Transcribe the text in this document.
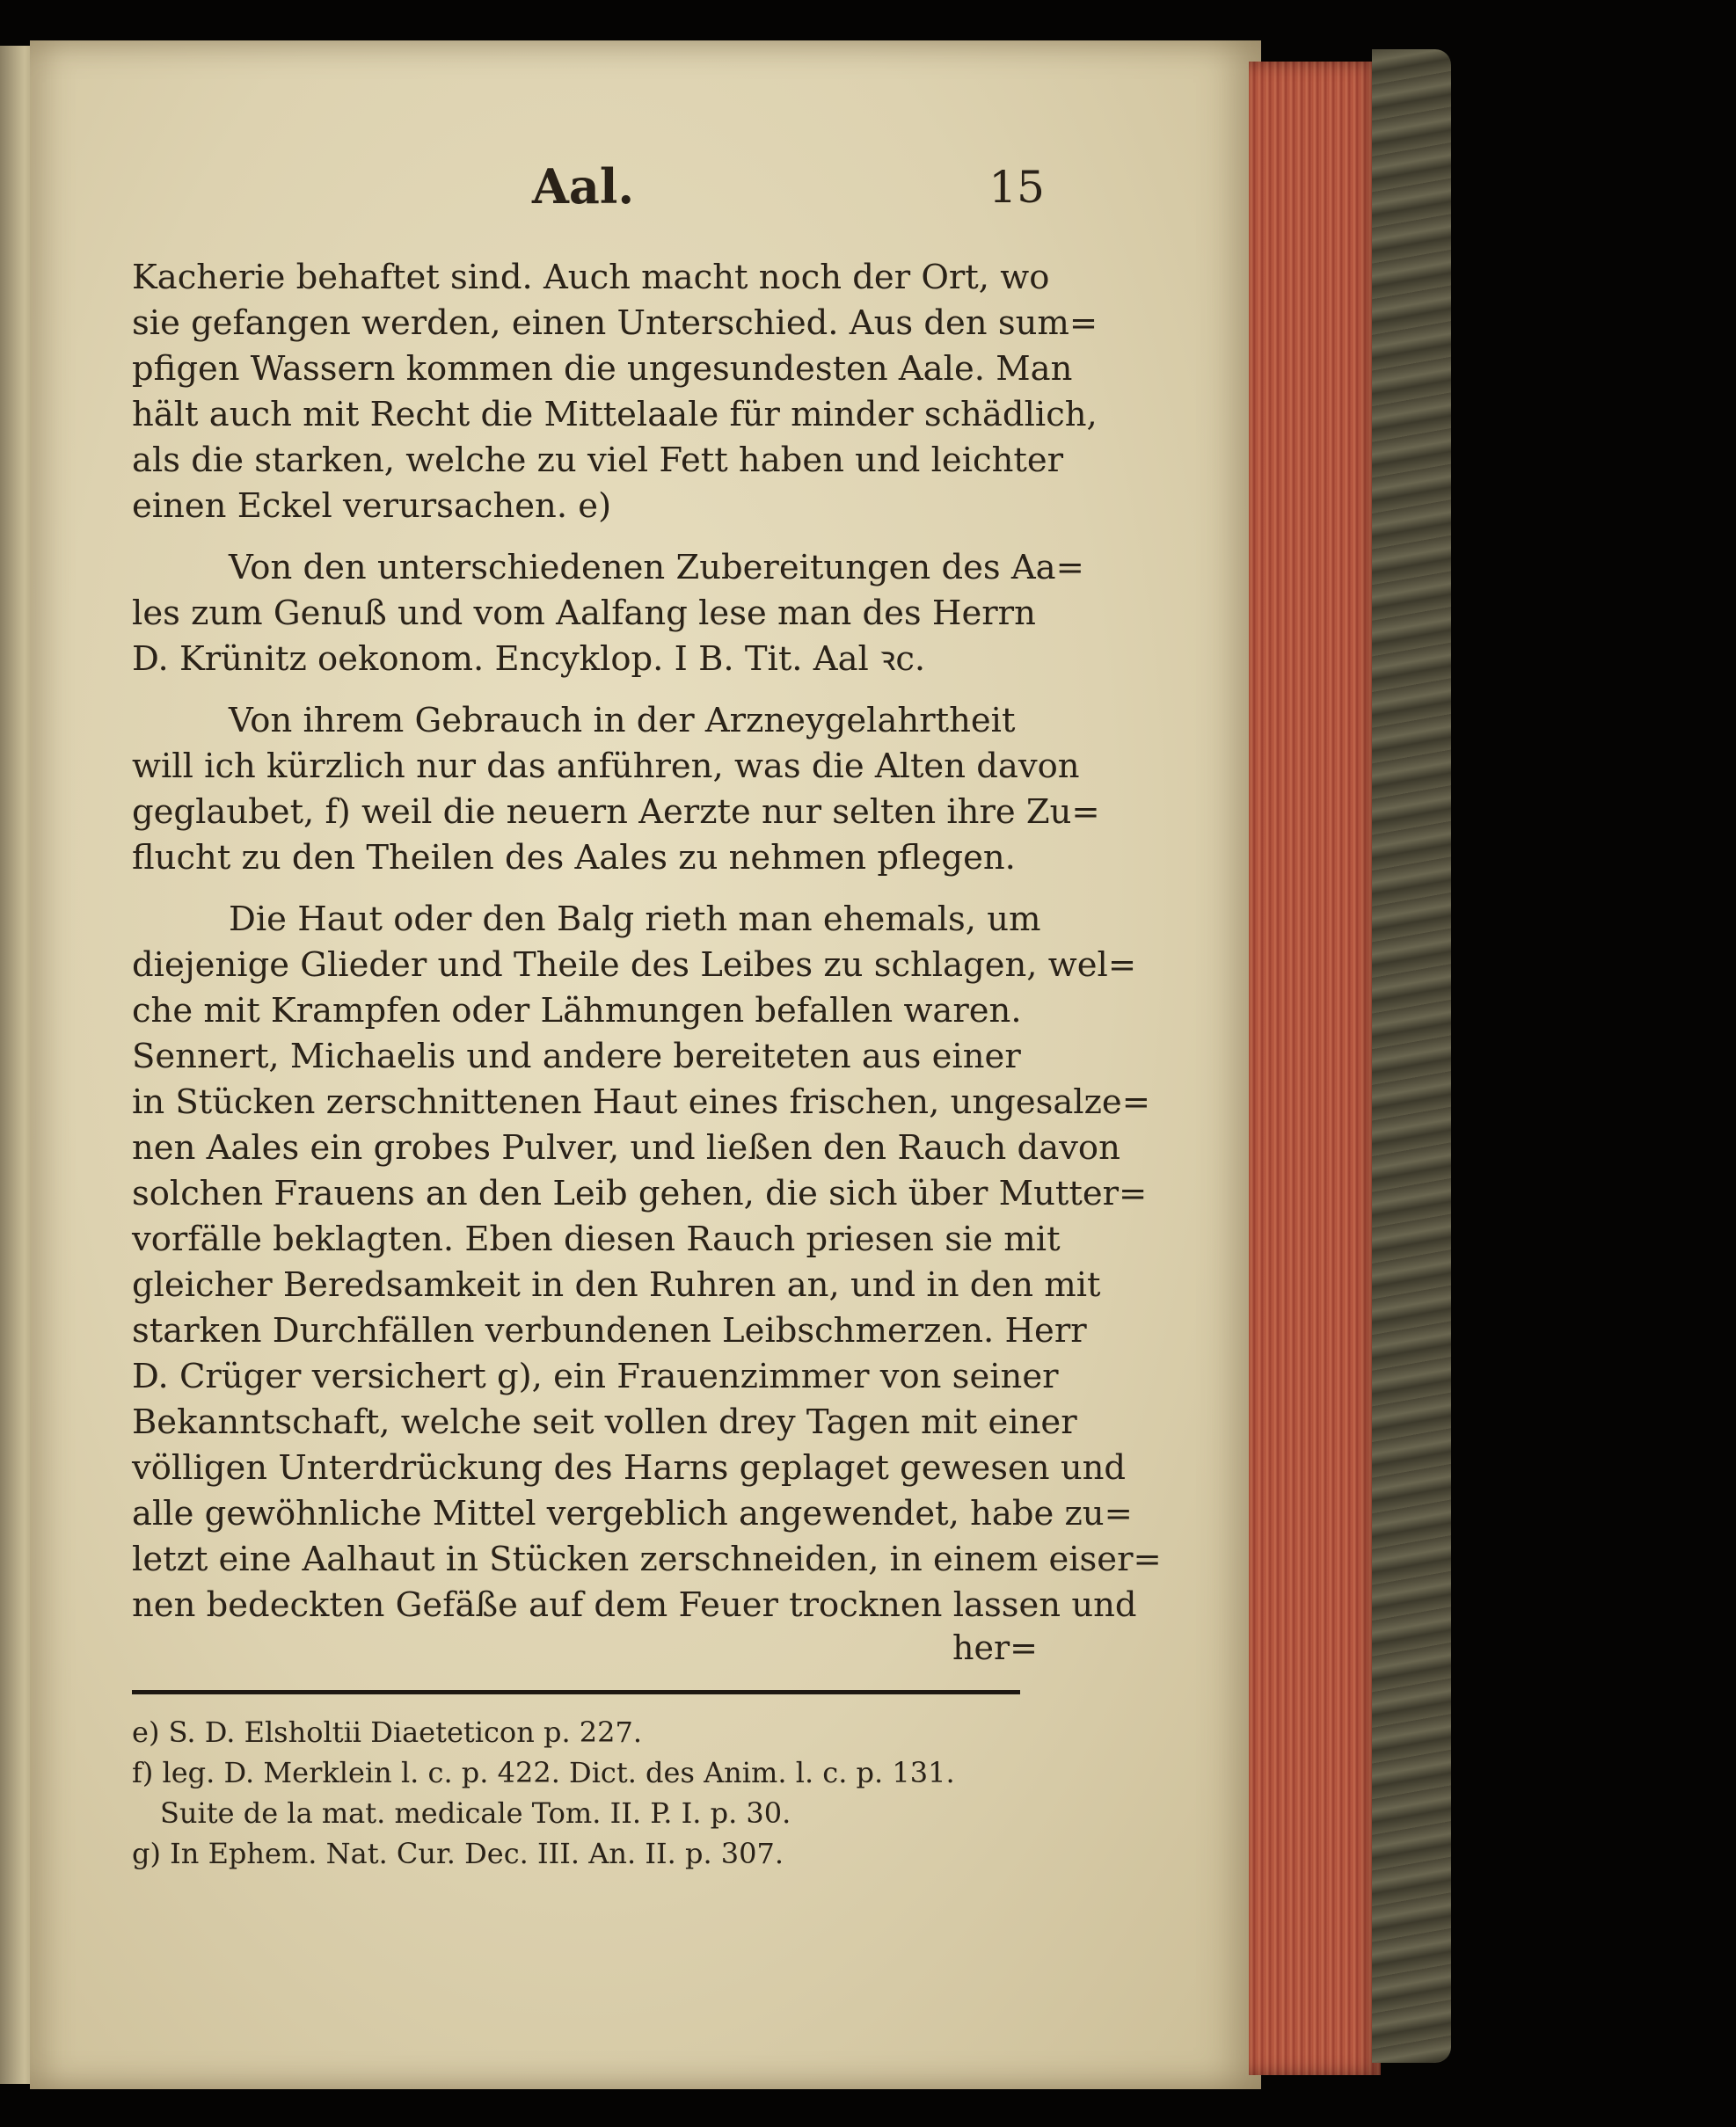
Aal.	15

Kacherie behaftet sind. Auch macht noch der Ort, wo
sie gefangen werden, einen Unterschied. Aus den sum=
pfigen Wassern kommen die ungesundesten Aale. Man
hält auch mit Recht die Mittelaale für minder schädlich,
als die starken, welche zu viel Fett haben und leichter
einen Eckel verursachen. e)

Von den unterschiedenen Zubereitungen des Aa=
les zum Genuß und vom Aalfang lese man des Herrn
D. Krünitz oekonom. Encyklop. I B. Tit. Aal ꝛc.

Von ihrem Gebrauch in der Arzneygelahrtheit
will ich kürzlich nur das anführen, was die Alten davon
geglaubet, f) weil die neuern Aerzte nur selten ihre Zu=
flucht zu den Theilen des Aales zu nehmen pflegen.

Die Haut oder den Balg rieth man ehemals, um
diejenige Glieder und Theile des Leibes zu schlagen, wel=
che mit Krampfen oder Lähmungen befallen waren.
Sennert, Michaelis und andere bereiteten aus einer
in Stücken zerschnittenen Haut eines frischen, ungesalze=
nen Aales ein grobes Pulver, und ließen den Rauch davon
solchen Frauens an den Leib gehen, die sich über Mutter=
vorfälle beklagten. Eben diesen Rauch priesen sie mit
gleicher Beredsamkeit in den Ruhren an, und in den mit
starken Durchfällen verbundenen Leibschmerzen. Herr
D. Crüger versichert g), ein Frauenzimmer von seiner
Bekanntschaft, welche seit vollen drey Tagen mit einer
völligen Unterdrückung des Harns geplaget gewesen und
alle gewöhnliche Mittel vergeblich angewendet, habe zu=
letzt eine Aalhaut in Stücken zerschneiden, in einem eiser=
nen bedeckten Gefäße auf dem Feuer trocknen lassen und

her=
e) S. D. Elsholtii Diaeteticon p. 227.
f) leg. D. Merklein l. c. p. 422. Dict. des Anim. l. c. p. 131.
Suite de la mat. medicale Tom. II. P. I. p. 30.
g) In Ephem. Nat. Cur. Dec. III. An. II. p. 307.
